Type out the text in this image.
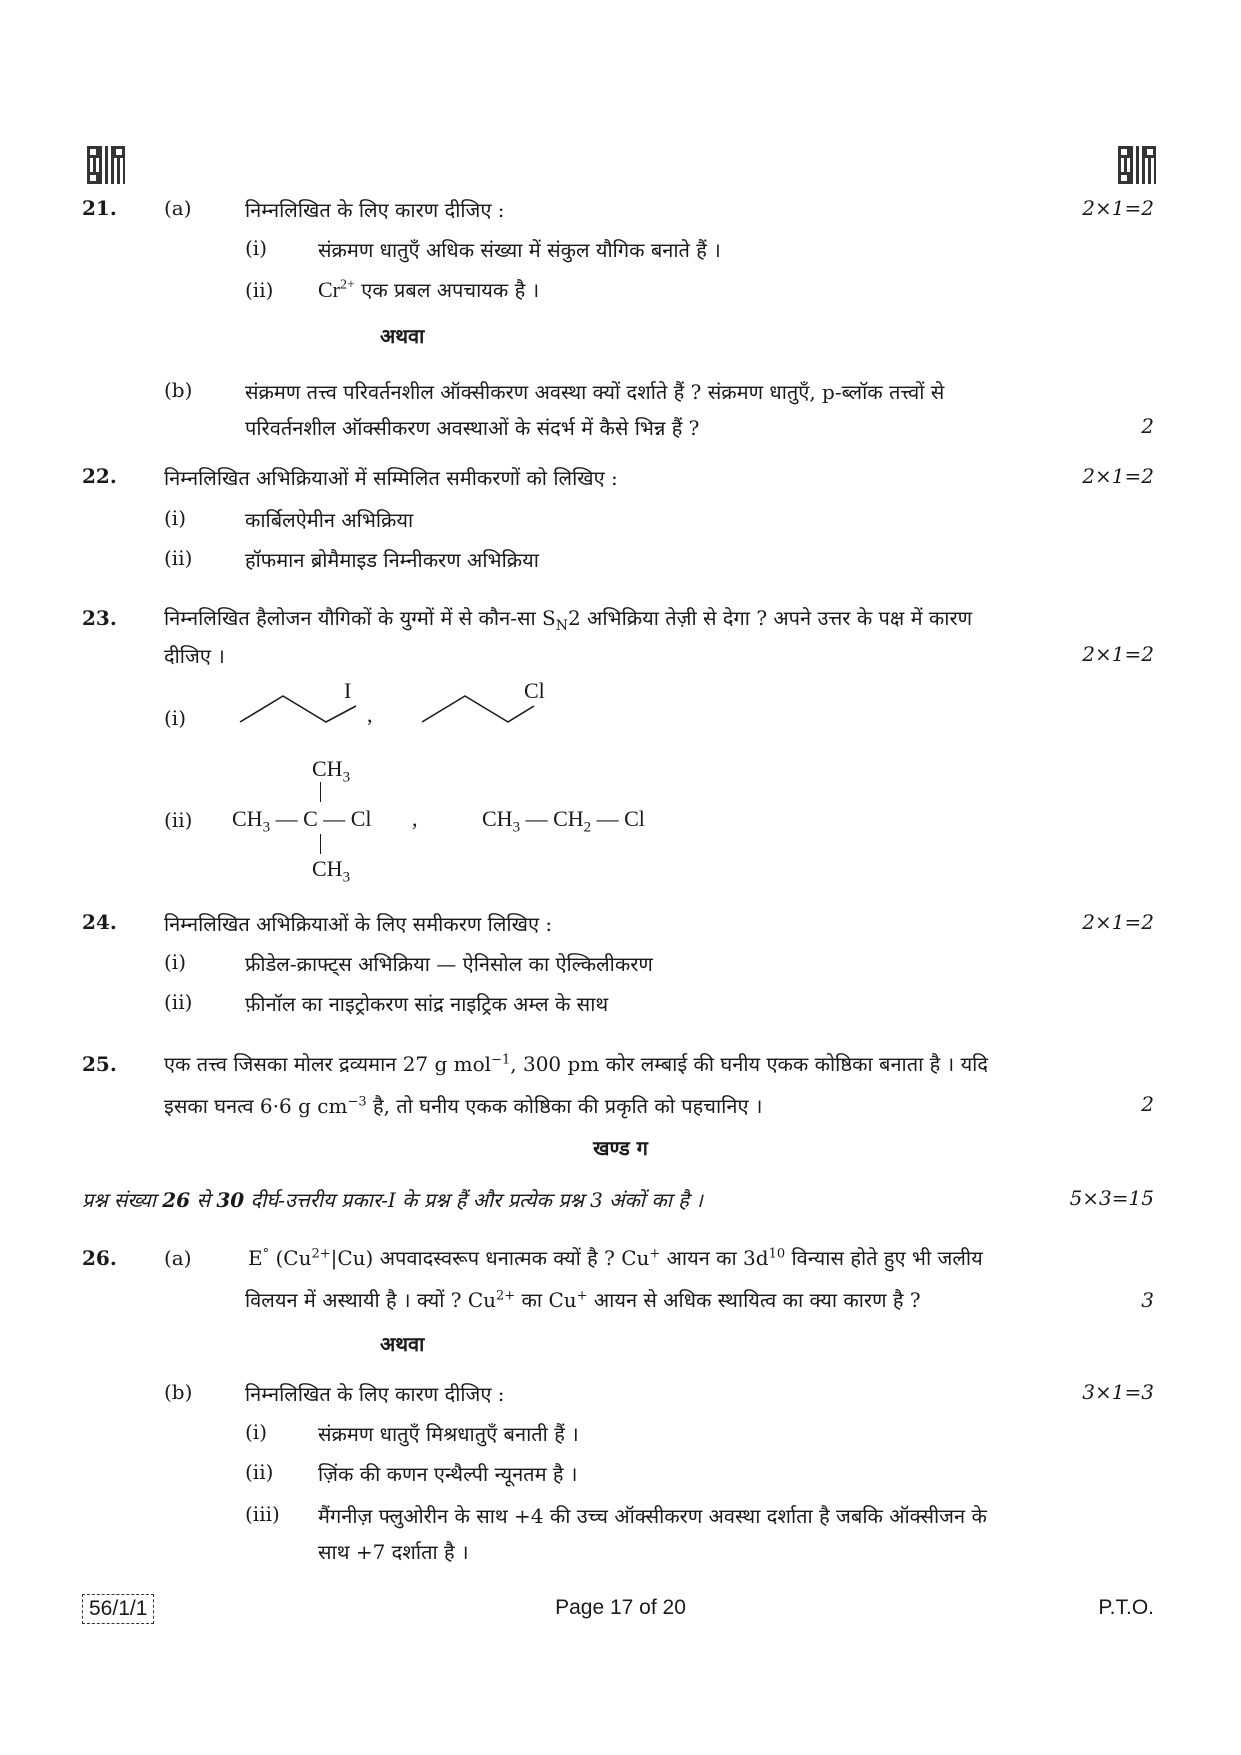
21. (a)	निम्नलिखित के लिए कारण दीजिए :	2×1=2
(i)	संक्रमण धातुएँ अधिक संख्या में संकुल यौगिक बनाते हैं ।
(ii) $Cr^{2+}$ एक प्रबल अपचायक है ।
अथवा
(b)	संक्रमण तत्त्व परिवर्तनशील ऑक्सीकरण अवस्था क्यों दर्शाते हैं ? संक्रमण धातुएँ, p-ब्लॉक तत्त्वों से
परिवर्तनशील ऑक्सीकरण अवस्थाओं के संदर्भ में कैसे भिन्न हैं ?	2
22. निम्नलिखित अभिक्रियाओं में सम्मिलित समीकरणों को लिखिए :	2×1=2
(i)	कार्बिलऐमीन अभिक्रिया
(ii)	हॉफमान ब्रोमैमाइड निम्नीकरण अभिक्रिया
23. निम्नलिखित हैलोजन यौगिकों के युग्मों में से कौन-सा $S_N2$ अभिक्रिया तेज़ी से देगा ? अपने उत्तर के पक्ष में कारण
दीजिए ।	2×1=2
(i)
I
,
Cl
(ii)
$CH_3$
$CH_3$ — C — Cl
$CH_3$
,	$CH_3$ — $CH_2$ — Cl
24. निम्नलिखित अभिक्रियाओं के लिए समीकरण लिखिए :	2×1=2
(i)	फ्रीडेल-क्राफ्ट्स अभिक्रिया — ऐनिसोल का ऐल्किलीकरण
(ii)	फ़ीनॉल का नाइट्रोकरण सांद्र नाइट्रिक अम्ल के साथ
25. एक तत्त्व जिसका मोलर द्रव्यमान 27 g mol$^{-1}$, 300 pm कोर लम्बाई की घनीय एकक कोष्ठिका बनाता है । यदि
इसका घनत्व 6·6 g $cm^{-3}$ है, तो घनीय एकक कोष्ठिका की प्रकृति को पहचानिए ।	2
खण्ड ग
प्रश्न संख्या 26 से 30 दीर्घ-उत्तरीय प्रकार-I के प्रश्न हैं और प्रत्येक प्रश्न 3 अंकों का है ।	5×3=15
26. (a)	E° $(Cu^{2+}|Cu)$ अपवादस्वरूप धनात्मक क्यों है ? Cu+ आयन का $3d^{10}$ विन्यास होते हुए भी जलीय
विलयन में अस्थायी है । क्यों ? $Cu^{2+}$ का Cu+ आयन से अधिक स्थायित्व का क्या कारण है ?	3
अथवा
(b)	निम्नलिखित के लिए कारण दीजिए :	3×1=3
(i)	संक्रमण धातुएँ मिश्रधातुएँ बनाती हैं ।
(ii) ज़िंक की कणन एन्थैल्पी न्यूनतम है ।
(iii) मैंगनीज़ फ्लुओरीन के साथ +4 की उच्च ऑक्सीकरण अवस्था दर्शाता है जबकि ऑक्सीजन के
साथ +7 दर्शाता है ।
56/1/1	Page 17 of 20	P.T.O.
